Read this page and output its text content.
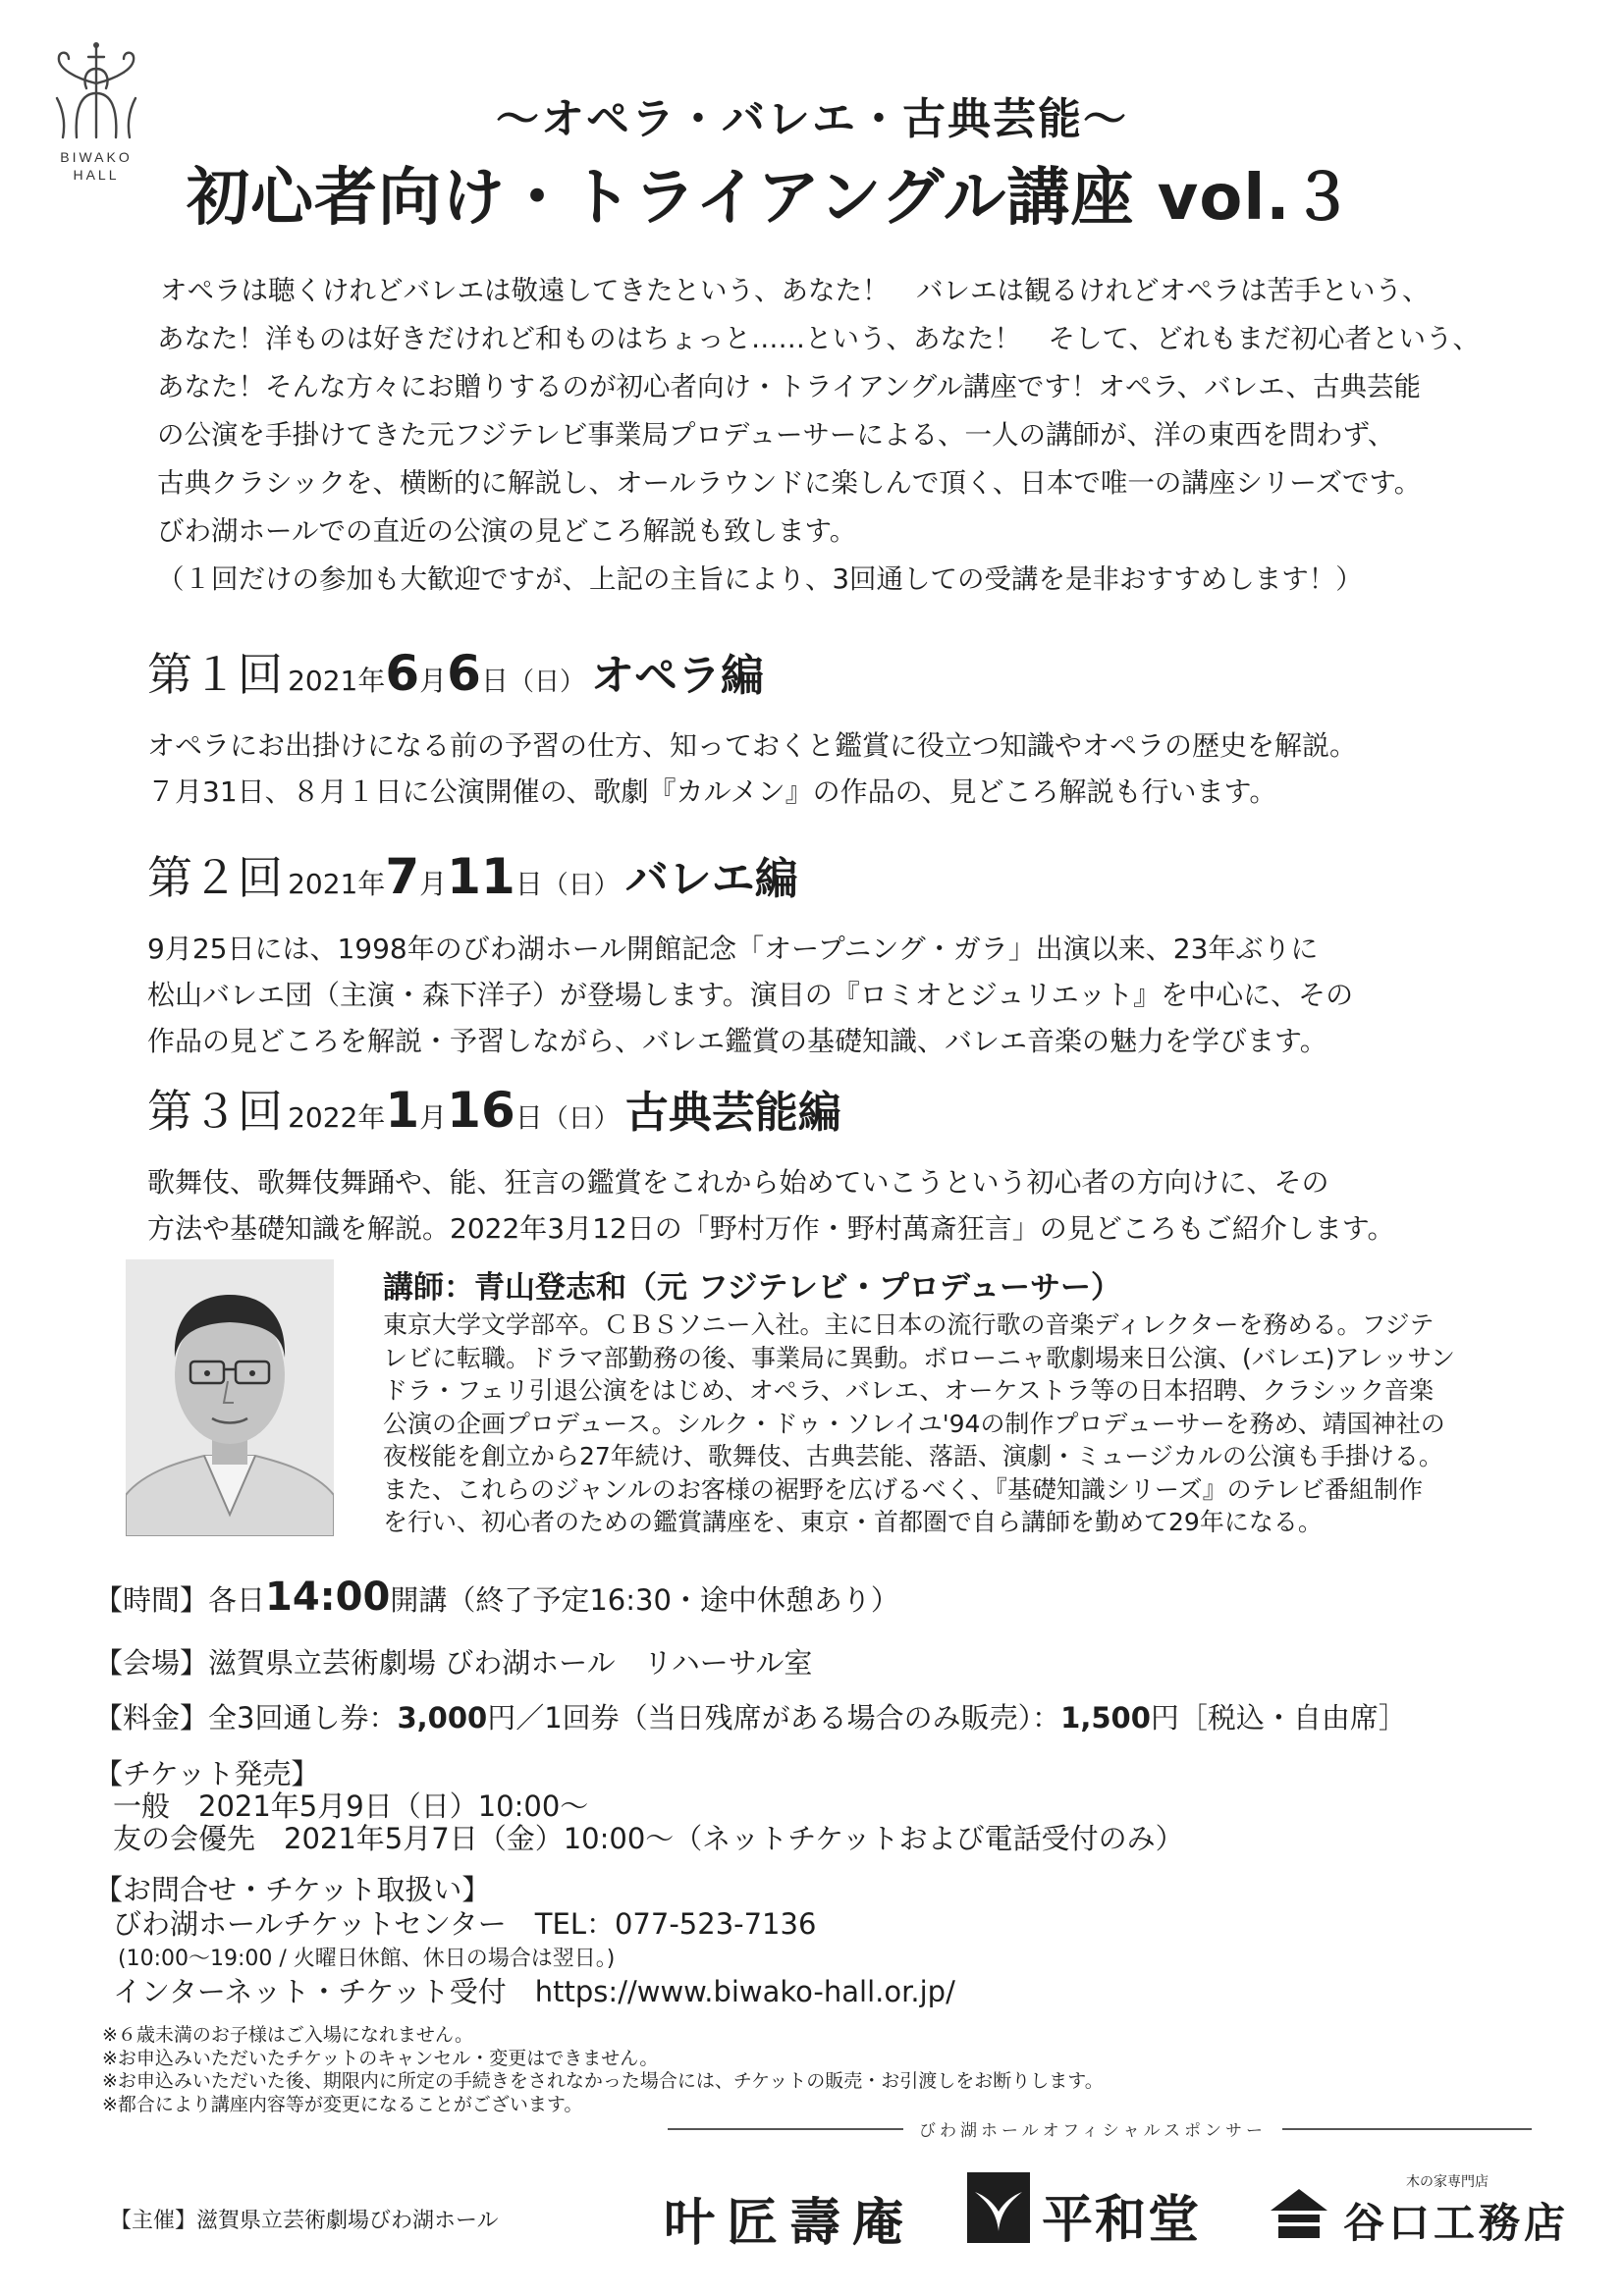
BIWAKO
HALL
～オペラ・バレエ・古典芸能～
初心者向け・トライアングル講座 vol.３

オペラは聴くけれどバレエは敬遠してきたという、あなた！　バレエは観るけれどオペラは苦手という、

あなた！洋ものは好きだけれど和ものはちょっと……という、あなた！　そして、どれもまだ初心者という、

あなた！そんな方々にお贈りするのが初心者向け・トライアングル講座です！オペラ、バレエ、古典芸能

の公演を手掛けてきた元フジテレビ事業局プロデューサーによる、一人の講師が、洋の東西を問わず、

古典クラシックを、横断的に解説し、オールラウンドに楽しんで頂く、日本で唯一の講座シリーズです。

びわ湖ホールでの直近の公演の見どころ解説も致します。

（１回だけの参加も大歓迎ですが、上記の主旨により、3回通しての受講を是非おすすめします！）

第１回 2021年6月6日（日） オペラ編

オペラにお出掛けになる前の予習の仕方、知っておくと鑑賞に役立つ知識やオペラの歴史を解説。

７月31日、８月１日に公演開催の、歌劇『カルメン』の作品の、見どころ解説も行います。

第２回 2021年7月11日（日） バレエ編

9月25日には、1998年のびわ湖ホール開館記念「オープニング・ガラ」出演以来、23年ぶりに

松山バレエ団（主演・森下洋子）が登場します。演目の『ロミオとジュリエット』を中心に、その

作品の見どころを解説・予習しながら、バレエ鑑賞の基礎知識、バレエ音楽の魅力を学びます。

第３回 2022年1月16日（日） 古典芸能編

歌舞伎、歌舞伎舞踊や、能、狂言の鑑賞をこれから始めていこうという初心者の方向けに、その

方法や基礎知識を解説。2022年3月12日の「野村万作・野村萬斎狂言」の見どころもご紹介します。

講師：青山登志和（元 フジテレビ・プロデューサー）

東京大学文学部卒。ＣＢＳソニー入社。主に日本の流行歌の音楽ディレクターを務める。フジテ

レビに転職。ドラマ部勤務の後、事業局に異動。ボローニャ歌劇場来日公演、(バレエ)アレッサン

ドラ・フェリ引退公演をはじめ、オペラ、バレエ、オーケストラ等の日本招聘、クラシック音楽

公演の企画プロデュース。シルク・ドゥ・ソレイユ'94の制作プロデューサーを務め、靖国神社の

夜桜能を創立から27年続け、歌舞伎、古典芸能、落語、演劇・ミュージカルの公演も手掛ける。

また、これらのジャンルのお客様の裾野を広げるべく、『基礎知識シリーズ』のテレビ番組制作

を行い、初心者のための鑑賞講座を、東京・首都圏で自ら講師を勤めて29年になる。

【時間】各日14:00開講（終了予定16:30・途中休憩あり）
【会場】滋賀県立芸術劇場 びわ湖ホール　リハーサル室
【料金】全3回通し券：3,000円／1回券（当日残席がある場合のみ販売）：1,500円［税込・自由席］
【チケット発売】
一般　2021年5月9日（日）10:00～
友の会優先　2021年5月7日（金）10:00～（ネットチケットおよび電話受付のみ）
【お問合せ・チケット取扱い】
びわ湖ホールチケットセンター　TEL：077-523-7136
(10:00～19:00 / 火曜日休館、休日の場合は翌日。)
インターネット・チケット受付　https://www.biwako-hall.or.jp/

※６歳未満のお子様はご入場になれません。

※お申込みいただいたチケットのキャンセル・変更はできません。

※お申込みいただいた後、期限内に所定の手続きをされなかった場合には、チケットの販売・お引渡しをお断りします。

※都合により講座内容等が変更になることがございます。

びわ湖ホールオフィシャルスポンサー
【主催】滋賀県立芸術劇場びわ湖ホール	叶匠壽庵 平和堂
木の家専門店
谷口工務店
